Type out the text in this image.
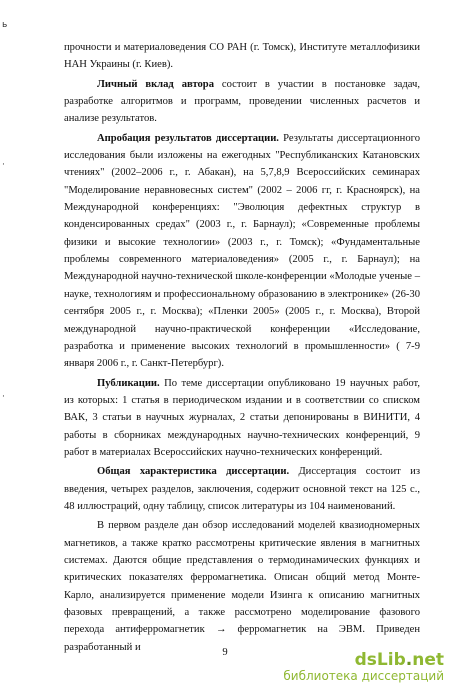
ь
·
·

прочности и материаловедения СО РАН (г. Томск), Институте металлофизики НАН Украины (г. Киев).

Личный вклад автора состоит в участии в постановке задач, разработке алгоритмов и программ, проведении численных расчетов и анализе результатов.

Апробация результатов диссертации. Результаты диссертационного исследования были изложены на ежегодных "Республиканских Катановских чтениях" (2002–2006 г., г. Абакан), на 5,7,8,9 Всероссийских семинарах "Моделирование неравновесных систем" (2002 – 2006 гг, г. Красноярск), на Международной конференциях: "Эволюция дефектных структур в конденсированных средах" (2003 г., г. Барнаул); «Современные проблемы физики и высокие технологии» (2003 г., г. Томск); «Фундаментальные проблемы современного материаловедения» (2005 г., г. Барнаул); на Международной научно-технической школе-конференции «Молодые ученые – науке, технологиям и профессиональному образованию в электронике» (26-30 сентября 2005 г., г. Москва); «Пленки 2005» (2005 г., г. Москва), Второй международной научно-практической конференции «Исследование, разработка и применение высоких технологий в промышленности» ( 7-9 января 2006 г., г. Санкт-Петербург).

Публикации. По теме диссертации опубликовано 19 научных работ, из которых: 1 статья в периодическом издании и в соответствии со списком ВАК, 3 статьи в научных журналах, 2 статьи депонированы в ВИНИТИ, 4 работы в сборниках международных научно-технических конференций, 9 работ в материалах Всероссийских научно-технических конференций.

Общая характеристика диссертации. Диссертация состоит из введения, четырех разделов, заключения, содержит основной текст на 125 с., 48 иллюстраций, одну таблицу, список литературы из 104 наименований.

В первом разделе дан обзор исследований моделей квазиодномерных магнетиков, а также кратко рассмотрены критические явления в магнитных системах. Даются общие представления о термодинамических функциях и критических показателях ферромагнетика. Описан общий метод Монте-Карло, анализируется применение модели Изинга к описанию магнитных фазовых превращений, а также рассмотрено моделирование фазового перехода антиферромагнетик → ферромагнетик на ЭВМ. Приведен разработанный и	9	dsLib.net
библиотека диссертаций
